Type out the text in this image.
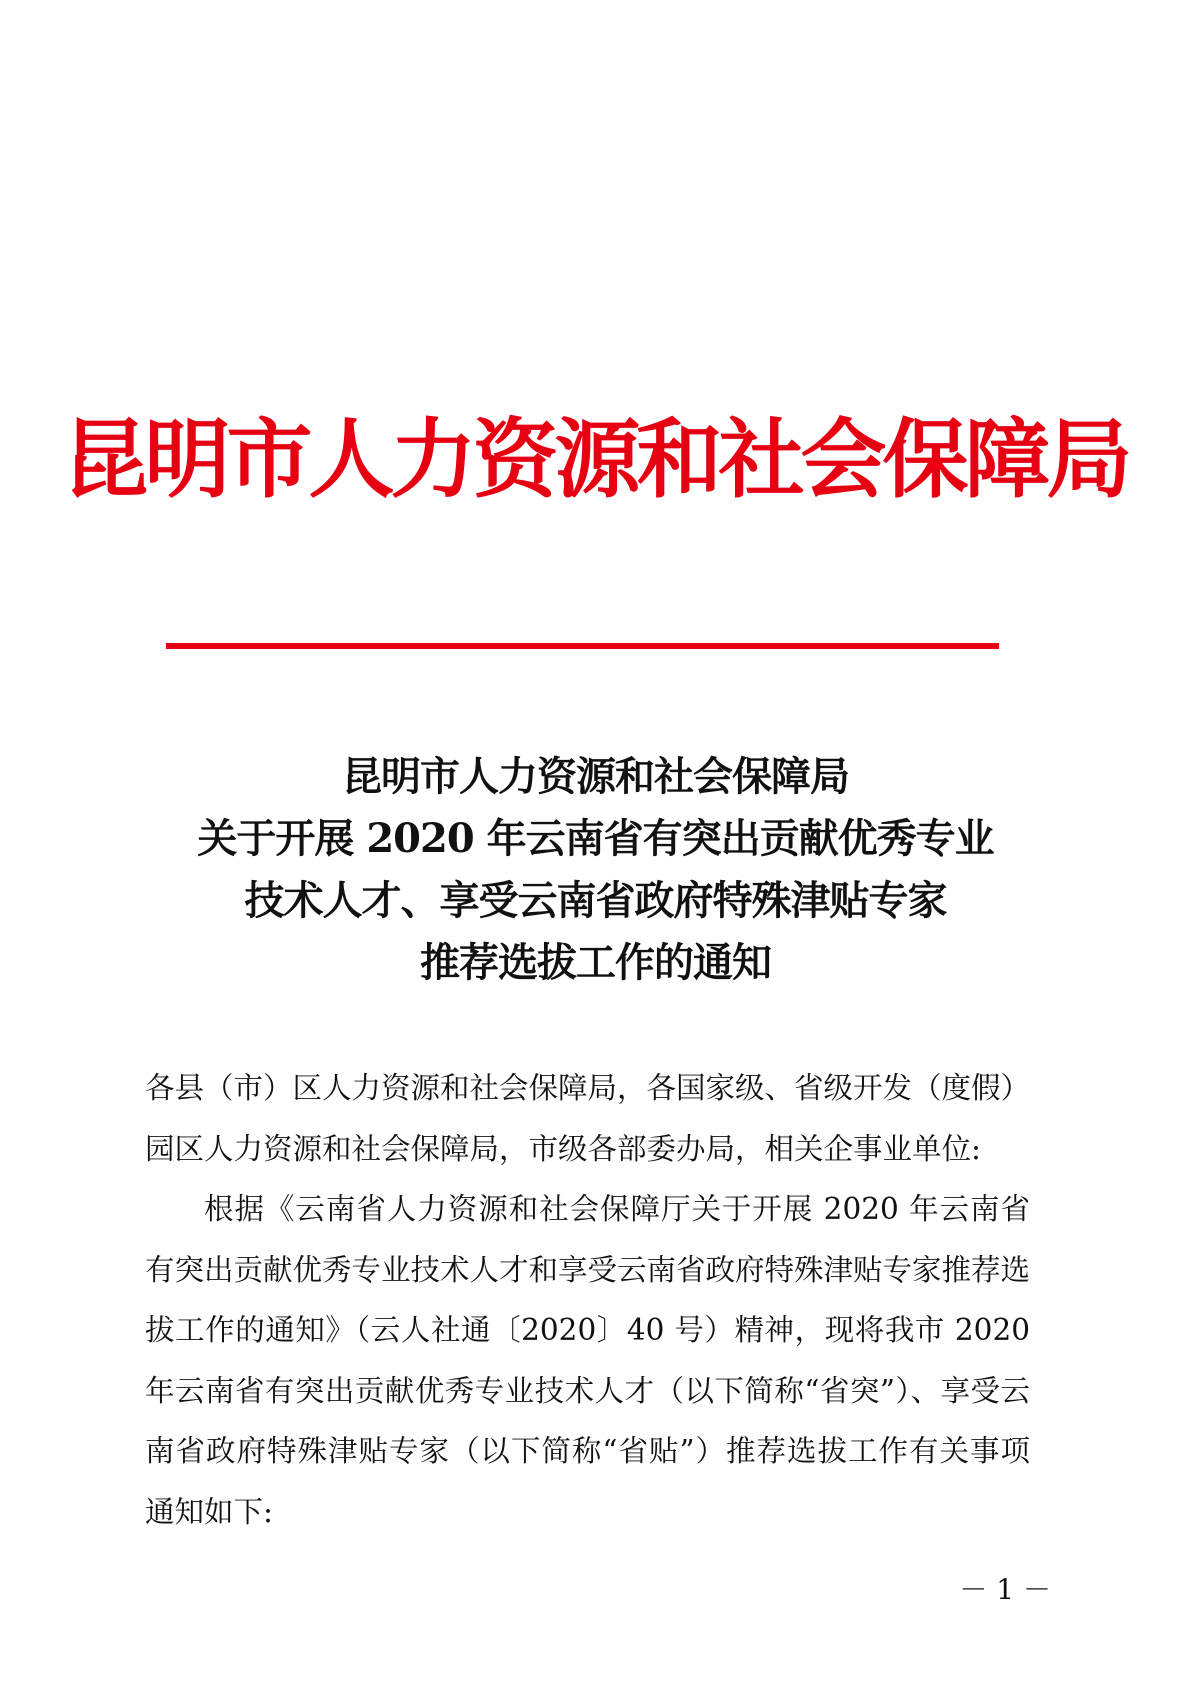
昆明市人力资源和社会保障局
昆明市人力资源和社会保障局
关于开展 2020 年云南省有突出贡献优秀专业
技术人才、享受云南省政府特殊津贴专家
推荐选拔工作的通知

各县（市）区人力资源和社会保障局，各国家级、省级开发（度假）园区人力资源和社会保障局，市级各部委办局，相关企事业单位:

根据《云南省人力资源和社会保障厅关于开展 2020 年云南省有突出贡献优秀专业技术人才和享受云南省政府特殊津贴专家推荐选拔工作的通知》（云人社通〔2020〕40 号）精神，现将我市 2020 年云南省有突出贡献优秀专业技术人才（以下简称“省突”）、享受云南省政府特殊津贴专家（以下简称“省贴”）推荐选拔工作有关事项通知如下:

－ 1 －
